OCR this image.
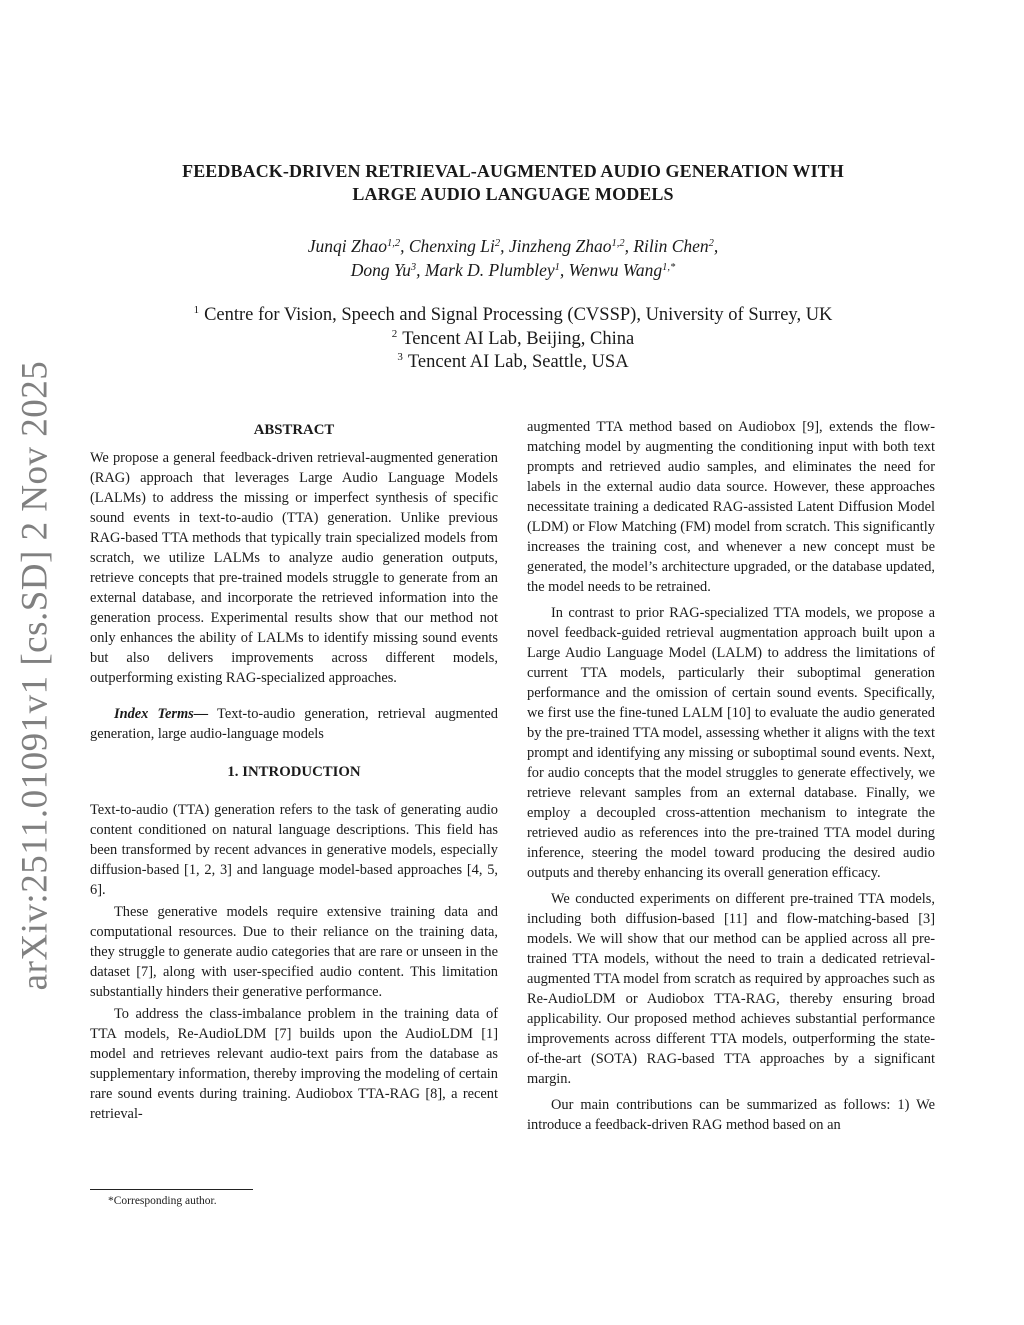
arXiv:2511.01091v1 [cs.SD] 2 Nov 2025
FEEDBACK-DRIVEN RETRIEVAL-AUGMENTED AUDIO GENERATION WITH
LARGE AUDIO LANGUAGE MODELS
Junqi Zhao$^{1,2}$, Chenxing Li$^2$, Jinzheng Zhao$^{1,2}$, Rilin Chen$^2$,
Dong Yu$^3$, Mark D. Plumbley$^1$, Wenwu Wang$^{1,*}$
$^1$ Centre for Vision, Speech and Signal Processing (CVSSP), University of Surrey, UK
$^2$ Tencent AI Lab, Beijing, China
$^3$ Tencent AI Lab, Seattle, USA
ABSTRACT

We propose a general feedback-driven retrieval-augmented generation (RAG) approach that leverages Large Audio Language Models (LALMs) to address the missing or imperfect synthesis of specific sound events in text-to-audio (TTA) generation. Unlike previous RAG-based TTA methods that typically train specialized models from scratch, we utilize LALMs to analyze audio generation outputs, retrieve concepts that pre-trained models struggle to generate from an external database, and incorporate the retrieved information into the generation process. Experimental results show that our method not only enhances the ability of LALMs to identify missing sound events but also delivers improvements across different models, outperforming existing RAG-specialized approaches.

Index Terms— Text-to-audio generation, retrieval augmented generation, large audio-language models

1. INTRODUCTION

Text-to-audio (TTA) generation refers to the task of generating audio content conditioned on natural language descriptions. This field has been transformed by recent advances in generative models, especially diffusion-based [1, 2, 3] and language model-based approaches [4, 5, 6].

These generative models require extensive training data and computational resources. Due to their reliance on the training data, they struggle to generate audio categories that are rare or unseen in the dataset [7], along with user-specified audio content. This limitation substantially hinders their generative performance.

To address the class-imbalance problem in the training data of TTA models, Re-AudioLDM [7] builds upon the AudioLDM [1] model and retrieves relevant audio-text pairs from the database as supplementary information, thereby improving the modeling of certain rare sound events during training. Audiobox TTA-RAG [8], a recent retrieval-

augmented TTA method based on Audiobox [9], extends the flow-matching model by augmenting the conditioning input with both text prompts and retrieved audio samples, and eliminates the need for labels in the external audio data source. However, these approaches necessitate training a dedicated RAG-assisted Latent Diffusion Model (LDM) or Flow Matching (FM) model from scratch. This significantly increases the training cost, and whenever a new concept must be generated, the model’s architecture upgraded, or the database updated, the model needs to be retrained.

In contrast to prior RAG-specialized TTA models, we propose a novel feedback-guided retrieval augmentation approach built upon a Large Audio Language Model (LALM) to address the limitations of current TTA models, particularly their suboptimal generation performance and the omission of certain sound events. Specifically, we first use the fine-tuned LALM [10] to evaluate the audio generated by the pre-trained TTA model, assessing whether it aligns with the text prompt and identifying any missing or suboptimal sound events. Next, for audio concepts that the model struggles to generate effectively, we retrieve relevant samples from an external database. Finally, we employ a decoupled cross-attention mechanism to integrate the retrieved audio as references into the pre-trained TTA model during inference, steering the model toward producing the desired audio outputs and thereby enhancing its overall generation efficacy.

We conducted experiments on different pre-trained TTA models, including both diffusion-based [11] and flow-matching-based [3] models. We will show that our method can be applied across all pre-trained TTA models, without the need to train a dedicated retrieval-augmented TTA model from scratch as required by approaches such as Re-AudioLDM or Audiobox TTA-RAG, thereby ensuring broad applicability. Our proposed method achieves substantial performance improvements across different TTA models, outperforming the state-of-the-art (SOTA) RAG-based TTA approaches by a significant margin.

Our main contributions can be summarized as follows: 1) We introduce a feedback-driven RAG method based on an

*Corresponding author.
